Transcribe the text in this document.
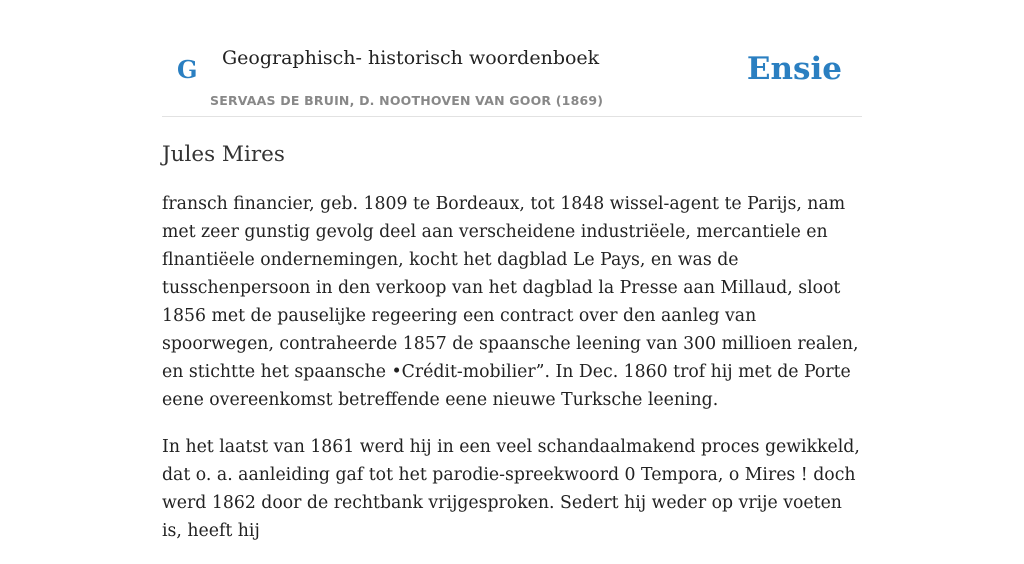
G Geographisch- historisch woordenboek
SERVAAS DE BRUIN, D. NOOTHOVEN VAN GOOR (1869)
Ensie
Jules Mires

fransch financier, geb. 1809 te Bordeaux, tot 1848 wissel-agent te Parijs, nam met zeer gunstig gevolg deel aan verscheidene industriëele, mercantiele en flnantiëele ondernemingen, kocht het dagblad Le Pays, en was de tusschenpersoon in den verkoop van het dagblad la Presse aan Millaud, sloot 1856 met de pauselijke regeering een contract over den aanleg van spoorwegen, contraheerde 1857 de spaansche leening van 300 millioen realen, en stichtte het spaansche •Crédit-mobilier”. In Dec. 1860 trof hij met de Porte eene overeenkomst betreffende eene nieuwe Turksche leening.

In het laatst van 1861 werd hij in een veel schandaalmakend proces gewikkeld, dat o. a. aanleiding gaf tot het parodie-spreekwoord 0 Tempora, o Mires ! doch werd 1862 door de rechtbank vrijgesproken. Sedert hij weder op vrije voeten is, heeft hij
